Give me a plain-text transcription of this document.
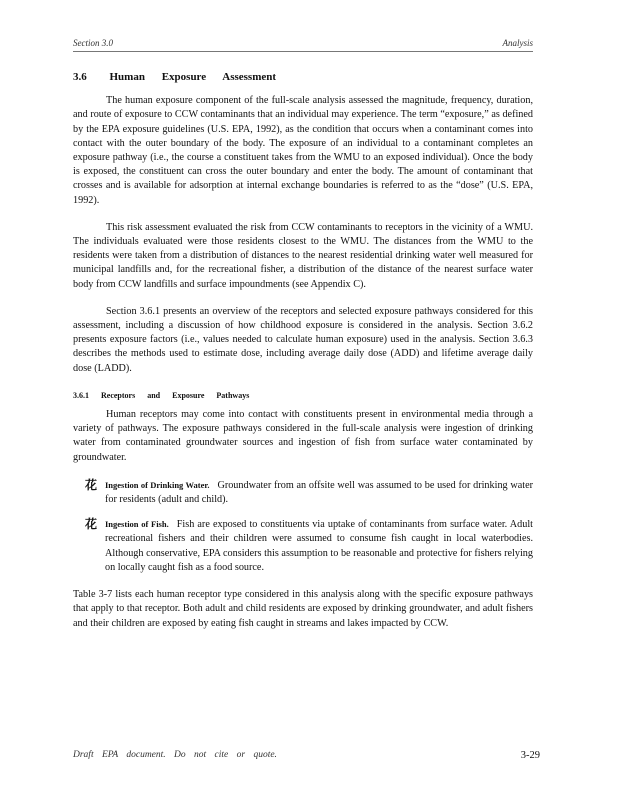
Section 3.0	Analysis
3.6 Human Exposure Assessment

The human exposure component of the full-scale analysis assessed the magnitude, frequency, duration, and route of exposure to CCW contaminants that an individual may experience. The term “exposure,” as defined by the EPA exposure guidelines (U.S. EPA, 1992), as the condition that occurs when a contaminant comes into contact with the outer boundary of the body. The exposure of an individual to a contaminant completes an exposure pathway (i.e., the course a constituent takes from the WMU to an exposed individual). Once the body is exposed, the constituent can cross the outer boundary and enter the body. The amount of contaminant that crosses and is available for adsorption at internal exchange boundaries is referred to as the “dose” (U.S. EPA, 1992).

This risk assessment evaluated the risk from CCW contaminants to receptors in the vicinity of a WMU. The individuals evaluated were those residents closest to the WMU. The distances from the WMU to the residents were taken from a distribution of distances to the nearest residential drinking water well measured for municipal landfills and, for the recreational fisher, a distribution of the distance of the nearest surface water body from CCW landfills and surface impoundments (see Appendix C).

Section 3.6.1 presents an overview of the receptors and selected exposure pathways considered for this assessment, including a discussion of how childhood exposure is considered in the analysis. Section 3.6.2 presents exposure factors (i.e., values needed to calculate human exposure) used in the analysis. Section 3.6.3 describes the methods used to estimate dose, including average daily dose (ADD) and lifetime average daily dose (LADD).

3.6.1 Receptors and Exposure Pathways

Human receptors may come into contact with constituents present in environmental media through a variety of pathways. The exposure pathways considered in the full-scale analysis were ingestion of drinking water from contaminated groundwater sources and ingestion of fish from surface water contaminated by groundwater.

花 Ingestion of Drinking Water. Groundwater from an offsite well was assumed to be used for drinking water for residents (adult and child).
花 Ingestion of Fish. Fish are exposed to constituents via uptake of contaminants from surface water. Adult recreational fishers and their children were assumed to consume fish caught in local waterbodies. Although conservative, EPA considers this assumption to be reasonable and protective for fishers relying on locally caught fish as a food source.

Table 3-7 lists each human receptor type considered in this analysis along with the specific exposure pathways that apply to that receptor. Both adult and child residents are exposed by drinking groundwater, and adult fishers and their children are exposed by eating fish caught in streams and lakes impacted by CCW.

Draft EPA document. Do not cite or quote.	3-29
